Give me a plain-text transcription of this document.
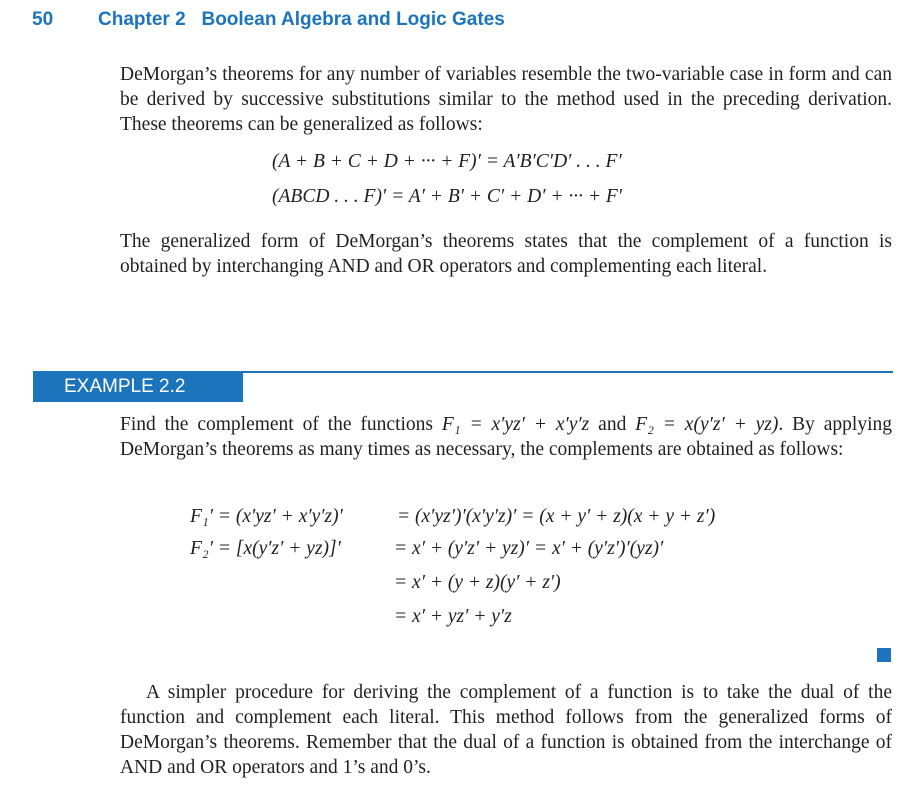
50 Chapter 2   Boolean Algebra and Logic Gates

DeMorgan’s theorems for any number of variables resemble the two-variable case in form and can be derived by successive substitutions similar to the method used in the preceding derivation. These theorems can be generalized as follows:

(A + B + C + D + ··· + F)′ = A′B′C′D′ . . . F′
(ABCD . . . F)′ = A′ + B′ + C′ + D′ + ··· + F′

The generalized form of DeMorgan’s theorems states that the complement of a function is obtained by interchanging AND and OR operators and complementing each literal.

EXAMPLE 2.2

Find the complement of the functions F₁ = x′yz′ + x′y′z and F₂ = x(y′z′ + yz). By applying DeMorgan’s theorems as many times as necessary, the complements are obtained as follows:

F₁′ = (x′yz′ + x′y′z)′	= (x′yz′)′(x′y′z)′ = (x + y′ + z)(x + y + z′)
F₂′ = [x(y′z′ + yz)]′	= x′ + (y′z′ + yz)′ = x′ + (y′z′)′(yz)′
= x′ + (y + z)(y′ + z′)
= x′ + yz′ + y′z

A simpler procedure for deriving the complement of a function is to take the dual of the function and complement each literal. This method follows from the generalized forms of DeMorgan’s theorems. Remember that the dual of a function is obtained from the interchange of AND and OR operators and 1’s and 0’s.
